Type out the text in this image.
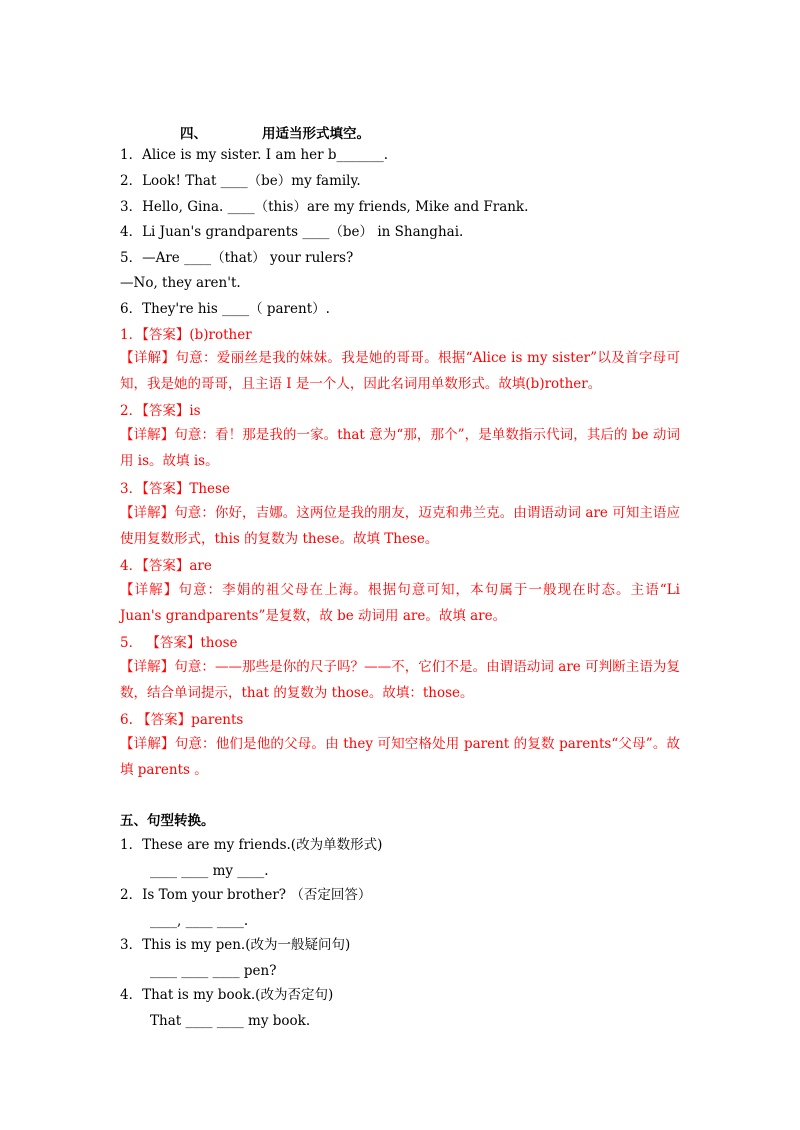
四、	用适当形式填空。
1．Alice is my sister. I am her b_______.
2．Look! That ____（be）my family.
3．Hello, Gina. ____（this）are my friends, Mike and Frank.
4．Li Juan's grandparents ____（be） in Shanghai.
5．—Are ____（that） your rulers?
—No, they aren't.
6．They're his ____（ parent）.
1．【答案】(b)rother
【详解】句意：爱丽丝是我的妹妹。我是她的哥哥。根据“Alice is my sister”以及首字母可知，我是她的哥哥，且主语 I 是一个人，因此名词用单数形式。故填(b)rother。
2．【答案】is
【详解】句意：看！那是我的一家。that 意为“那，那个”，是单数指示代词，其后的 be 动词用 is。故填 is。
3．【答案】These
【详解】句意：你好，吉娜。这两位是我的朋友，迈克和弗兰克。由谓语动词 are 可知主语应使用复数形式，this 的复数为 these。故填 These。
4．【答案】are
【详解】句意：李娟的祖父母在上海。根据句意可知，本句属于一般现在时态。主语“Li Juan's grandparents”是复数，故 be 动词用 are。故填 are。
5． 【答案】those
【详解】句意：——那些是你的尺子吗？——不，它们不是。由谓语动词 are 可判断主语为复数，结合单词提示，that 的复数为 those。故填：those。
6. 【答案】parents
【详解】句意：他们是他的父母。由 they 可知空格处用 parent 的复数 parents“父母”。故填 parents 。
五、句型转换。
1．These are my friends.(改为单数形式)
____ ____ my ____.
2．Is Tom your brother? （否定回答）
____, ____ ____.
3．This is my pen.(改为一般疑问句)
____ ____ ____ pen?
4．That is my book.(改为否定句)
That ____ ____ my book.
